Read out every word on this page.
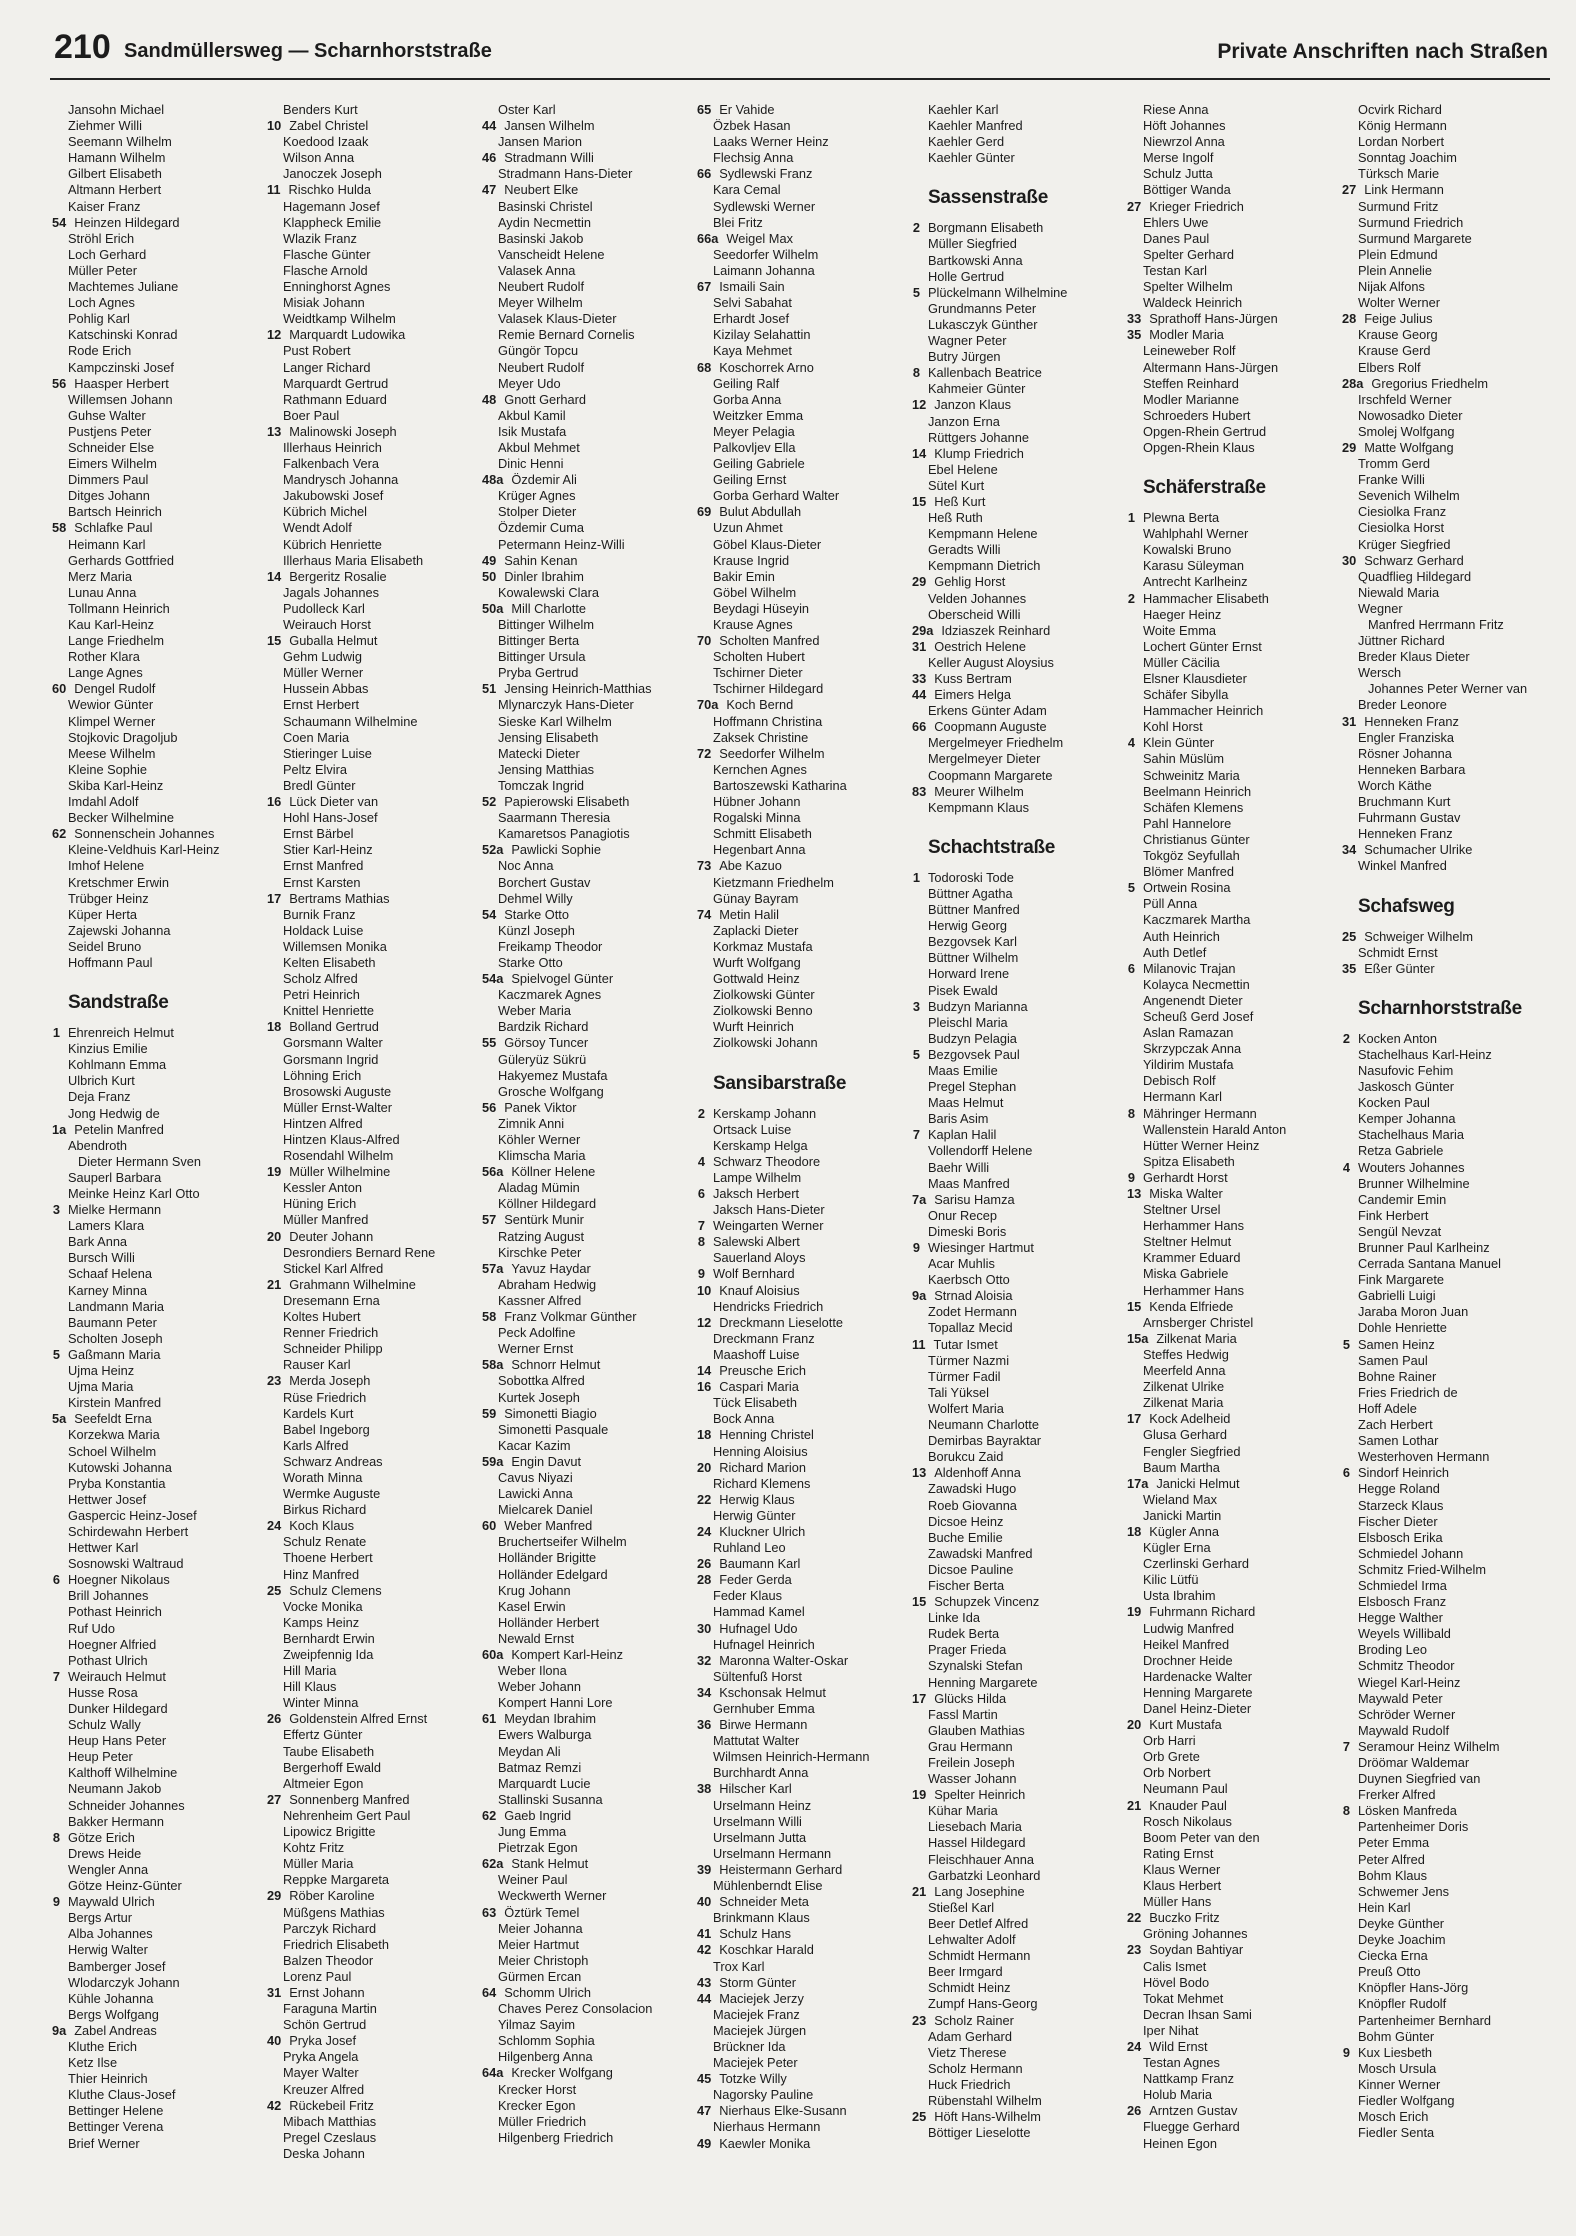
210 Sandmüllersweg — Scharnhorststraße	Private Anschriften nach Straßen
Jansohn Michael
Ziehmer Willi
Seemann Wilhelm
Hamann Wilhelm
Gilbert Elisabeth
Altmann Herbert
Kaiser Franz
54 Heinzen Hildegard
Ströhl Erich
Loch Gerhard
Müller Peter
Machtemes Juliane
Loch Agnes
Pohlig Karl
Katschinski Konrad
Rode Erich
Kampczinski Josef
56 Haasper Herbert
Willemsen Johann
Guhse Walter
Pustjens Peter
Schneider Else
Eimers Wilhelm
Dimmers Paul
Ditges Johann
Bartsch Heinrich
58 Schlafke Paul
Heimann Karl
Gerhards Gottfried
Merz Maria
Lunau Anna
Tollmann Heinrich
Kau Karl-Heinz
Lange Friedhelm
Rother Klara
Lange Agnes
60 Dengel Rudolf
Wewior Günter
Klimpel Werner
Stojkovic Dragoljub
Meese Wilhelm
Kleine Sophie
Skiba Karl-Heinz
Imdahl Adolf
Becker Wilhelmine
62 Sonnenschein Johannes
Kleine-Veldhuis Karl-Heinz
Imhof Helene
Kretschmer Erwin
Trübger Heinz
Küper Herta
Zajewski Johanna
Seidel Bruno
Hoffmann Paul
Sandstraße
1 Ehrenreich Helmut
Kinzius Emilie
Kohlmann Emma
Ulbrich Kurt
Deja Franz
Jong Hedwig de
1a Petelin Manfred
Abendroth
Dieter Hermann Sven
Sauperl Barbara
Meinke Heinz Karl Otto
3 Mielke Hermann
Lamers Klara
Bark Anna
Bursch Willi
Schaaf Helena
Karney Minna
Landmann Maria
Baumann Peter
Scholten Joseph
5 Gaßmann Maria
Ujma Heinz
Ujma Maria
Kirstein Manfred
5a Seefeldt Erna
Korzekwa Maria
Schoel Wilhelm
Kutowski Johanna
Pryba Konstantia
Hettwer Josef
Gaspercic Heinz-Josef
Schirdewahn Herbert
Hettwer Karl
Sosnowski Waltraud
6 Hoegner Nikolaus
Brill Johannes
Pothast Heinrich
Ruf Udo
Hoegner Alfried
Pothast Ulrich
7 Weirauch Helmut
Husse Rosa
Dunker Hildegard
Schulz Wally
Heup Hans Peter
Heup Peter
Kalthoff Wilhelmine
Neumann Jakob
Schneider Johannes
Bakker Hermann
8 Götze Erich
Drews Heide
Wengler Anna
Götze Heinz-Günter
9 Maywald Ulrich
Bergs Artur
Alba Johannes
Herwig Walter
Bamberger Josef
Wlodarczyk Johann
Kühle Johanna
Bergs Wolfgang
9a Zabel Andreas
Kluthe Erich
Ketz Ilse
Thier Heinrich
Kluthe Claus-Josef
Bettinger Helene
Bettinger Verena
Brief Werner
Benders Kurt
10 Zabel Christel
Koedood Izaak
Wilson Anna
Janoczek Joseph
11 Rischko Hulda
Hagemann Josef
Klappheck Emilie
Wlazik Franz
Flasche Günter
Flasche Arnold
Enninghorst Agnes
Misiak Johann
Weidtkamp Wilhelm
12 Marquardt Ludowika
Pust Robert
Langer Richard
Marquardt Gertrud
Rathmann Eduard
Boer Paul
13 Malinowski Joseph
Illerhaus Heinrich
Falkenbach Vera
Mandrysch Johanna
Jakubowski Josef
Kübrich Michel
Wendt Adolf
Kübrich Henriette
Illerhaus Maria Elisabeth
14 Bergeritz Rosalie
Jagals Johannes
Pudolleck Karl
Weirauch Horst
15 Guballa Helmut
Gehm Ludwig
Müller Werner
Hussein Abbas
Ernst Herbert
Schaumann Wilhelmine
Coen Maria
Stieringer Luise
Peltz Elvira
Bredl Günter
16 Lück Dieter van
Hohl Hans-Josef
Ernst Bärbel
Stier Karl-Heinz
Ernst Manfred
Ernst Karsten
17 Bertrams Mathias
Burnik Franz
Holdack Luise
Willemsen Monika
Kelten Elisabeth
Scholz Alfred
Petri Heinrich
Knittel Henriette
18 Bolland Gertrud
Gorsmann Walter
Gorsmann Ingrid
Löhning Erich
Brosowski Auguste
Müller Ernst-Walter
Hintzen Alfred
Hintzen Klaus-Alfred
Rosendahl Wilhelm
19 Müller Wilhelmine
Kessler Anton
Hüning Erich
Müller Manfred
20 Deuter Johann
Desrondiers Bernard Rene
Stickel Karl Alfred
21 Grahmann Wilhelmine
Dresemann Erna
Koltes Hubert
Renner Friedrich
Schneider Philipp
Rauser Karl
23 Merda Joseph
Rüse Friedrich
Kardels Kurt
Babel Ingeborg
Karls Alfred
Schwarz Andreas
Worath Minna
Wermke Auguste
Birkus Richard
24 Koch Klaus
Schulz Renate
Thoene Herbert
Hinz Manfred
25 Schulz Clemens
Vocke Monika
Kamps Heinz
Bernhardt Erwin
Zweipfennig Ida
Hill Maria
Hill Klaus
Winter Minna
26 Goldenstein Alfred Ernst
Effertz Günter
Taube Elisabeth
Bergerhoff Ewald
Altmeier Egon
27 Sonnenberg Manfred
Nehrenheim Gert Paul
Lipowicz Brigitte
Kohtz Fritz
Müller Maria
Reppke Margareta
29 Röber Karoline
Müßgens Mathias
Parczyk Richard
Friedrich Elisabeth
Balzen Theodor
Lorenz Paul
31 Ernst Johann
Faraguna Martin
Schön Gertrud
40 Pryka Josef
Pryka Angela
Mayer Walter
Kreuzer Alfred
42 Rückebeil Fritz
Mibach Matthias
Pregel Czeslaus
Deska Johann
Oster Karl
44 Jansen Wilhelm
Jansen Marion
46 Stradmann Willi
Stradmann Hans-Dieter
47 Neubert Elke
Basinski Christel
Aydin Necmettin
Basinski Jakob
Vanscheidt Helene
Valasek Anna
Neubert Rudolf
Meyer Wilhelm
Valasek Klaus-Dieter
Remie Bernard Cornelis
Güngör Topcu
Neubert Rudolf
Meyer Udo
48 Gnott Gerhard
Akbul Kamil
Isik Mustafa
Akbul Mehmet
Dinic Henni
48a Özdemir Ali
Krüger Agnes
Stolper Dieter
Özdemir Cuma
Petermann Heinz-Willi
49 Sahin Kenan
50 Dinler Ibrahim
Kowalewski Clara
50a Mill Charlotte
Bittinger Wilhelm
Bittinger Berta
Bittinger Ursula
Pryba Gertrud
51 Jensing Heinrich-Matthias
Mlynarczyk Hans-Dieter
Sieske Karl Wilhelm
Jensing Elisabeth
Matecki Dieter
Jensing Matthias
Tomczak Ingrid
52 Papierowski Elisabeth
Saarmann Theresia
Kamaretsos Panagiotis
52a Pawlicki Sophie
Noc Anna
Borchert Gustav
Dehmel Willy
54 Starke Otto
Künzl Joseph
Freikamp Theodor
Starke Otto
54a Spielvogel Günter
Kaczmarek Agnes
Weber Maria
Bardzik Richard
55 Görsoy Tuncer
Güleryüz Sükrü
Hakyemez Mustafa
Grosche Wolfgang
56 Panek Viktor
Zimnik Anni
Köhler Werner
Klimscha Maria
56a Köllner Helene
Aladag Mümin
Köllner Hildegard
57 Sentürk Munir
Ratzing August
Kirschke Peter
57a Yavuz Haydar
Abraham Hedwig
Kassner Alfred
58 Franz Volkmar Günther
Peck Adolfine
Werner Ernst
58a Schnorr Helmut
Sobottka Alfred
Kurtek Joseph
59 Simonetti Biagio
Simonetti Pasquale
Kacar Kazim
59a Engin Davut
Cavus Niyazi
Lawicki Anna
Mielcarek Daniel
60 Weber Manfred
Bruchertseifer Wilhelm
Holländer Brigitte
Holländer Edelgard
Krug Johann
Kasel Erwin
Holländer Herbert
Newald Ernst
60a Kompert Karl-Heinz
Weber Ilona
Weber Johann
Kompert Hanni Lore
61 Meydan Ibrahim
Ewers Walburga
Meydan Ali
Batmaz Remzi
Marquardt Lucie
Stallinski Susanna
62 Gaeb Ingrid
Jung Emma
Pietrzak Egon
62a Stank Helmut
Weiner Paul
Weckwerth Werner
63 Öztürk Temel
Meier Johanna
Meier Hartmut
Meier Christoph
Gürmen Ercan
64 Schomm Ulrich
Chaves Perez Consolacion
Yilmaz Sayim
Schlomm Sophia
Hilgenberg Anna
64a Krecker Wolfgang
Krecker Horst
Krecker Egon
Müller Friedrich
Hilgenberg Friedrich
65 Er Vahide
Özbek Hasan
Laaks Werner Heinz
Flechsig Anna
66 Sydlewski Franz
Kara Cemal
Sydlewski Werner
Blei Fritz
66a Weigel Max
Seedorfer Wilhelm
Laimann Johanna
67 Ismaili Sain
Selvi Sabahat
Erhardt Josef
Kizilay Selahattin
Kaya Mehmet
68 Koschorrek Arno
Geiling Ralf
Gorba Anna
Weitzker Emma
Meyer Pelagia
Palkovljev Ella
Geiling Gabriele
Geiling Ernst
Gorba Gerhard Walter
69 Bulut Abdullah
Uzun Ahmet
Göbel Klaus-Dieter
Krause Ingrid
Bakir Emin
Göbel Wilhelm
Beydagi Hüseyin
Krause Agnes
70 Scholten Manfred
Scholten Hubert
Tschirner Dieter
Tschirner Hildegard
70a Koch Bernd
Hoffmann Christina
Zaksek Christine
72 Seedorfer Wilhelm
Kernchen Agnes
Bartoszewski Katharina
Hübner Johann
Rogalski Minna
Schmitt Elisabeth
Hegenbart Anna
73 Abe Kazuo
Kietzmann Friedhelm
Günay Bayram
74 Metin Halil
Zaplacki Dieter
Korkmaz Mustafa
Wurft Wolfgang
Gottwald Heinz
Ziolkowski Günter
Ziolkowski Benno
Wurft Heinrich
Ziolkowski Johann
Sansibarstraße
2 Kerskamp Johann
Ortsack Luise
Kerskamp Helga
4 Schwarz Theodore
Lampe Wilhelm
6 Jaksch Herbert
Jaksch Hans-Dieter
7 Weingarten Werner
8 Salewski Albert
Sauerland Aloys
9 Wolf Bernhard
10 Knauf Aloisius
Hendricks Friedrich
12 Dreckmann Lieselotte
Dreckmann Franz
Maashoff Luise
14 Preusche Erich
16 Caspari Maria
Tück Elisabeth
Bock Anna
18 Henning Christel
Henning Aloisius
20 Richard Marion
Richard Klemens
22 Herwig Klaus
Herwig Günter
24 Kluckner Ulrich
Ruhland Leo
26 Baumann Karl
28 Feder Gerda
Feder Klaus
Hammad Kamel
30 Hufnagel Udo
Hufnagel Heinrich
32 Maronna Walter-Oskar
Sültenfuß Horst
34 Kschonsak Helmut
Gernhuber Emma
36 Birwe Hermann
Mattutat Walter
Wilmsen Heinrich-Hermann
Burchhardt Anna
38 Hilscher Karl
Urselmann Heinz
Urselmann Willi
Urselmann Jutta
Urselmann Hermann
39 Heistermann Gerhard
Mühlenberndt Elise
40 Schneider Meta
Brinkmann Klaus
41 Schulz Hans
42 Koschkar Harald
Trox Karl
43 Storm Günter
44 Maciejek Jerzy
Maciejek Franz
Maciejek Jürgen
Brückner Ida
Maciejek Peter
45 Totzke Willy
Nagorsky Pauline
47 Nierhaus Elke-Susann
Nierhaus Hermann
49 Kaewler Monika
Kaehler Karl
Kaehler Manfred
Kaehler Gerd
Kaehler Günter
Sassenstraße
2 Borgmann Elisabeth
Müller Siegfried
Bartkowski Anna
Holle Gertrud
5 Plückelmann Wilhelmine
Grundmanns Peter
Lukasczyk Günther
Wagner Peter
Butry Jürgen
8 Kallenbach Beatrice
Kahmeier Günter
12 Janzon Klaus
Janzon Erna
Rüttgers Johanne
14 Klump Friedrich
Ebel Helene
Sütel Kurt
15 Heß Kurt
Heß Ruth
Kempmann Helene
Geradts Willi
Kempmann Dietrich
29 Gehlig Horst
Velden Johannes
Oberscheid Willi
29a Idziaszek Reinhard
31 Oestrich Helene
Keller August Aloysius
33 Kuss Bertram
44 Eimers Helga
Erkens Günter Adam
66 Coopmann Auguste
Mergelmeyer Friedhelm
Mergelmeyer Dieter
Coopmann Margarete
83 Meurer Wilhelm
Kempmann Klaus
Schachtstraße
1 Todoroski Tode
Büttner Agatha
Büttner Manfred
Herwig Georg
Bezgovsek Karl
Büttner Wilhelm
Horward Irene
Pisek Ewald
3 Budzyn Marianna
Pleischl Maria
Budzyn Pelagia
5 Bezgovsek Paul
Maas Emilie
Pregel Stephan
Maas Helmut
Baris Asim
7 Kaplan Halil
Vollendorff Helene
Baehr Willi
Maas Manfred
7a Sarisu Hamza
Onur Recep
Dimeski Boris
9 Wiesinger Hartmut
Acar Muhlis
Kaerbsch Otto
9a Strnad Aloisia
Zodet Hermann
Topallaz Mecid
11 Tutar Ismet
Türmer Nazmi
Türmer Fadil
Tali Yüksel
Wolfert Maria
Neumann Charlotte
Demirbas Bayraktar
Borukcu Zaid
13 Aldenhoff Anna
Zawadski Hugo
Roeb Giovanna
Dicsoe Heinz
Buche Emilie
Zawadski Manfred
Dicsoe Pauline
Fischer Berta
15 Schupzek Vincenz
Linke Ida
Rudek Berta
Prager Frieda
Szynalski Stefan
Henning Margarete
17 Glücks Hilda
Fassl Martin
Glauben Mathias
Grau Hermann
Freilein Joseph
Wasser Johann
19 Spelter Heinrich
Kühar Maria
Liesebach Maria
Hassel Hildegard
Fleischhauer Anna
Garbatzki Leonhard
21 Lang Josephine
Stießel Karl
Beer Detlef Alfred
Lehwalter Adolf
Schmidt Hermann
Beer Irmgard
Schmidt Heinz
Zumpf Hans-Georg
23 Scholz Rainer
Adam Gerhard
Vietz Therese
Scholz Hermann
Huck Friedrich
Rübenstahl Wilhelm
25 Höft Hans-Wilhelm
Böttiger Lieselotte
Riese Anna
Höft Johannes
Niewrzol Anna
Merse Ingolf
Schulz Jutta
Böttiger Wanda
27 Krieger Friedrich
Ehlers Uwe
Danes Paul
Spelter Gerhard
Testan Karl
Spelter Wilhelm
Waldeck Heinrich
33 Sprathoff Hans-Jürgen
35 Modler Maria
Leineweber Rolf
Altermann Hans-Jürgen
Steffen Reinhard
Modler Marianne
Schroeders Hubert
Opgen-Rhein Gertrud
Opgen-Rhein Klaus
Schäferstraße
1 Plewna Berta
Wahlphahl Werner
Kowalski Bruno
Karasu Süleyman
Antrecht Karlheinz
2 Hammacher Elisabeth
Haeger Heinz
Woite Emma
Lochert Günter Ernst
Müller Cäcilia
Elsner Klausdieter
Schäfer Sibylla
Hammacher Heinrich
Kohl Horst
4 Klein Günter
Sahin Müslüm
Schweinitz Maria
Beelmann Heinrich
Schäfen Klemens
Pahl Hannelore
Christianus Günter
Tokgöz Seyfullah
Blömer Manfred
5 Ortwein Rosina
Püll Anna
Kaczmarek Martha
Auth Heinrich
Auth Detlef
6 Milanovic Trajan
Kolayca Necmettin
Angenendt Dieter
Scheuß Gerd Josef
Aslan Ramazan
Skrzypczak Anna
Yildirim Mustafa
Debisch Rolf
Hermann Karl
8 Mähringer Hermann
Wallenstein Harald Anton
Hütter Werner Heinz
Spitza Elisabeth
9 Gerhardt Horst
13 Miska Walter
Steltner Ursel
Herhammer Hans
Steltner Helmut
Krammer Eduard
Miska Gabriele
Herhammer Hans
15 Kenda Elfriede
Arnsberger Christel
15a Zilkenat Maria
Steffes Hedwig
Meerfeld Anna
Zilkenat Ulrike
Zilkenat Maria
17 Kock Adelheid
Glusa Gerhard
Fengler Siegfried
Baum Martha
17a Janicki Helmut
Wieland Max
Janicki Martin
18 Kügler Anna
Kügler Erna
Czerlinski Gerhard
Kilic Lütfü
Usta Ibrahim
19 Fuhrmann Richard
Ludwig Manfred
Heikel Manfred
Drochner Heide
Hardenacke Walter
Henning Margarete
Danel Heinz-Dieter
20 Kurt Mustafa
Orb Harri
Orb Grete
Orb Norbert
Neumann Paul
21 Knauder Paul
Rosch Nikolaus
Boom Peter van den
Rating Ernst
Klaus Werner
Klaus Herbert
Müller Hans
22 Buczko Fritz
Gröning Johannes
23 Soydan Bahtiyar
Calis Ismet
Hövel Bodo
Tokat Mehmet
Decran Ihsan Sami
Iper Nihat
24 Wild Ernst
Testan Agnes
Nattkamp Franz
Holub Maria
26 Arntzen Gustav
Fluegge Gerhard
Heinen Egon
Ocvirk Richard
König Hermann
Lordan Norbert
Sonntag Joachim
Türksch Marie
27 Link Hermann
Surmund Fritz
Surmund Friedrich
Surmund Margarete
Plein Edmund
Plein Annelie
Nijak Alfons
Wolter Werner
28 Feige Julius
Krause Georg
Krause Gerd
Elbers Rolf
28a Gregorius Friedhelm
Irschfeld Werner
Nowosadko Dieter
Smolej Wolfgang
29 Matte Wolfgang
Tromm Gerd
Franke Willi
Sevenich Wilhelm
Ciesiolka Franz
Ciesiolka Horst
Krüger Siegfried
30 Schwarz Gerhard
Quadflieg Hildegard
Niewald Maria
Wegner
Manfred Herrmann Fritz
Jüttner Richard
Breder Klaus Dieter
Wersch
Johannes Peter Werner van
Breder Leonore
31 Henneken Franz
Engler Franziska
Rösner Johanna
Henneken Barbara
Worch Käthe
Bruchmann Kurt
Fuhrmann Gustav
Henneken Franz
34 Schumacher Ulrike
Winkel Manfred
Schafsweg
25 Schweiger Wilhelm
Schmidt Ernst
35 Eßer Günter
Scharnhorststraße
2 Kocken Anton
Stachelhaus Karl-Heinz
Nasufovic Fehim
Jaskosch Günter
Kocken Paul
Kemper Johanna
Stachelhaus Maria
Retza Gabriele
4 Wouters Johannes
Brunner Wilhelmine
Candemir Emin
Fink Herbert
Sengül Nevzat
Brunner Paul Karlheinz
Cerrada Santana Manuel
Fink Margarete
Gabrielli Luigi
Jaraba Moron Juan
Dohle Henriette
5 Samen Heinz
Samen Paul
Bohne Rainer
Fries Friedrich de
Hoff Adele
Zach Herbert
Samen Lothar
Westerhoven Hermann
6 Sindorf Heinrich
Hegge Roland
Starzeck Klaus
Fischer Dieter
Elsbosch Erika
Schmiedel Johann
Schmitz Fried-Wilhelm
Schmiedel Irma
Elsbosch Franz
Hegge Walther
Weyels Willibald
Broding Leo
Schmitz Theodor
Wiegel Karl-Heinz
Maywald Peter
Schröder Werner
Maywald Rudolf
7 Seramour Heinz Wilhelm
Dröömar Waldemar
Duynen Siegfried van
Frerker Alfred
8 Lösken Manfreda
Partenheimer Doris
Peter Emma
Peter Alfred
Bohm Klaus
Schwemer Jens
Hein Karl
Deyke Günther
Deyke Joachim
Ciecka Erna
Preuß Otto
Knöpfler Hans-Jörg
Knöpfler Rudolf
Partenheimer Bernhard
Bohm Günter
9 Kux Liesbeth
Mosch Ursula
Kinner Werner
Fiedler Wolfgang
Mosch Erich
Fiedler Senta
